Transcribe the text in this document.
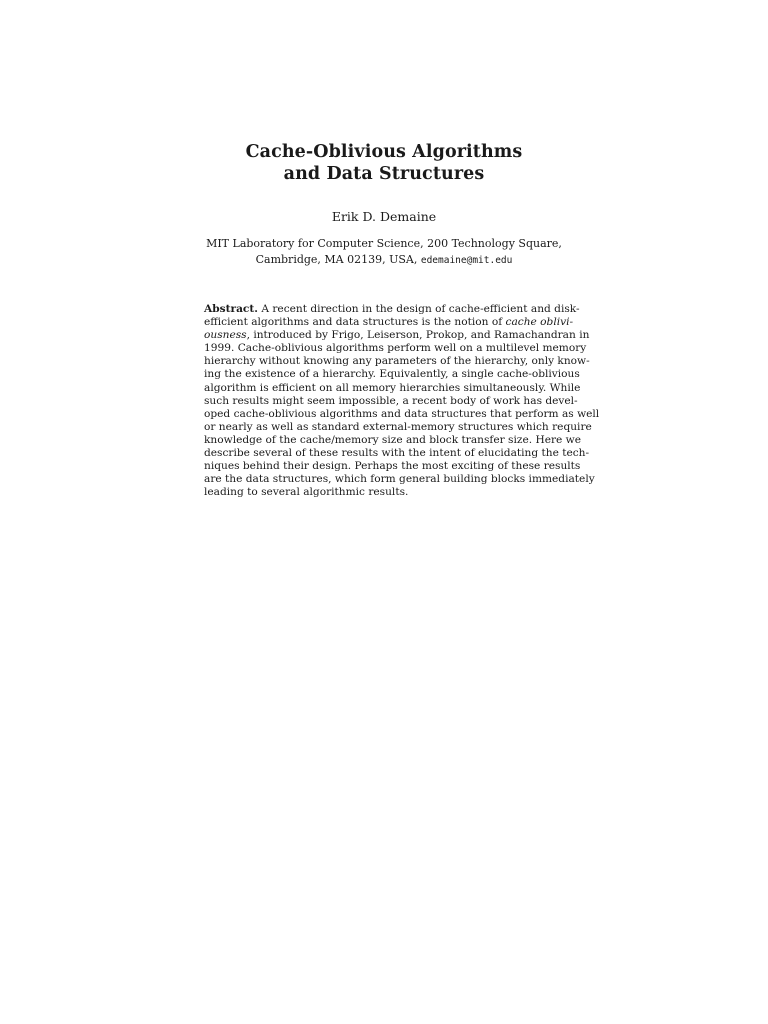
Cache-Oblivious Algorithms
and Data Structures
Erik D. Demaine
MIT Laboratory for Computer Science, 200 Technology Square,
Cambridge, MA 02139, USA, edemaine@mit.edu
Abstract. A recent direction in the design of cache-efficient and disk-
efficient algorithms and data structures is the notion of cache oblivi-
ousness, introduced by Frigo, Leiserson, Prokop, and Ramachandran in
1999. Cache-oblivious algorithms perform well on a multilevel memory
hierarchy without knowing any parameters of the hierarchy, only know-
ing the existence of a hierarchy. Equivalently, a single cache-oblivious
algorithm is efficient on all memory hierarchies simultaneously. While
such results might seem impossible, a recent body of work has devel-
oped cache-oblivious algorithms and data structures that perform as well
or nearly as well as standard external-memory structures which require
knowledge of the cache/memory size and block transfer size. Here we
describe several of these results with the intent of elucidating the tech-
niques behind their design. Perhaps the most exciting of these results
are the data structures, which form general building blocks immediately
leading to several algorithmic results.
